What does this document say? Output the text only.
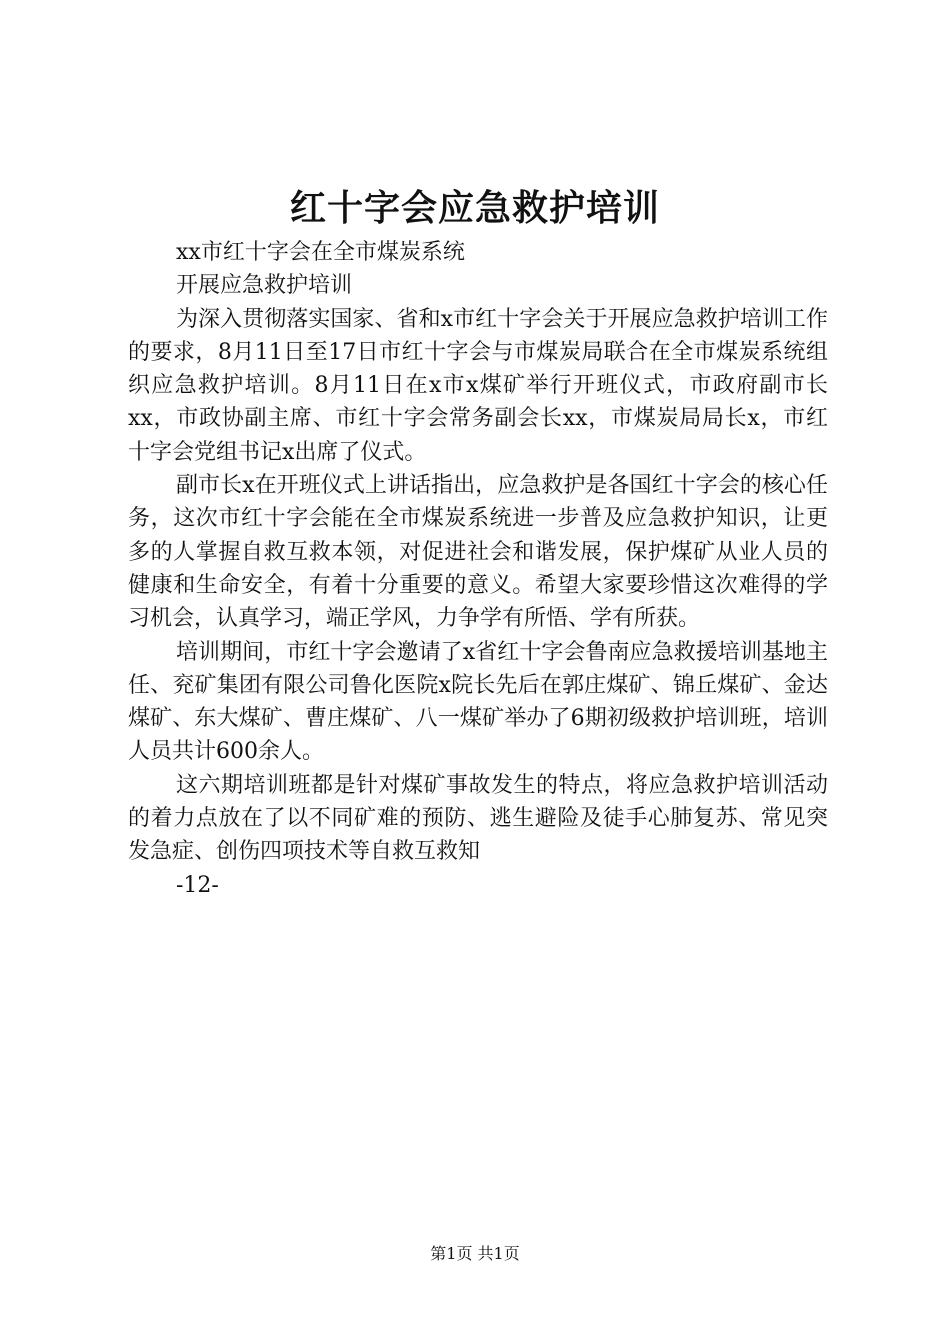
红十字会应急救护培训

xx市红十字会在全市煤炭系统

开展应急救护培训

为深入贯彻落实国家、省和x市红十字会关于开展应急救护培训工作的要求，8月11日至17日市红十字会与市煤炭局联合在全市煤炭系统组织应急救护培训。8月11日在x市x煤矿举行开班仪式，市政府副市长xx，市政协副主席、市红十字会常务副会长xx，市煤炭局局长x，市红十字会党组书记x出席了仪式。

副市长x在开班仪式上讲话指出，应急救护是各国红十字会的核心任务，这次市红十字会能在全市煤炭系统进一步普及应急救护知识，让更多的人掌握自救互救本领，对促进社会和谐发展，保护煤矿从业人员的健康和生命安全，有着十分重要的意义。希望大家要珍惜这次难得的学习机会，认真学习，端正学风，力争学有所悟、学有所获。

培训期间，市红十字会邀请了x省红十字会鲁南应急救援培训基地主任、兖矿集团有限公司鲁化医院x院长先后在郭庄煤矿、锦丘煤矿、金达煤矿、东大煤矿、曹庄煤矿、八一煤矿举办了6期初级救护培训班，培训人员共计600余人。

这六期培训班都是针对煤矿事故发生的特点，将应急救护培训活动的着力点放在了以不同矿难的预防、逃生避险及徒手心肺复苏、常见突发急症、创伤四项技术等自救互救知

-12-

第1页 共1页
